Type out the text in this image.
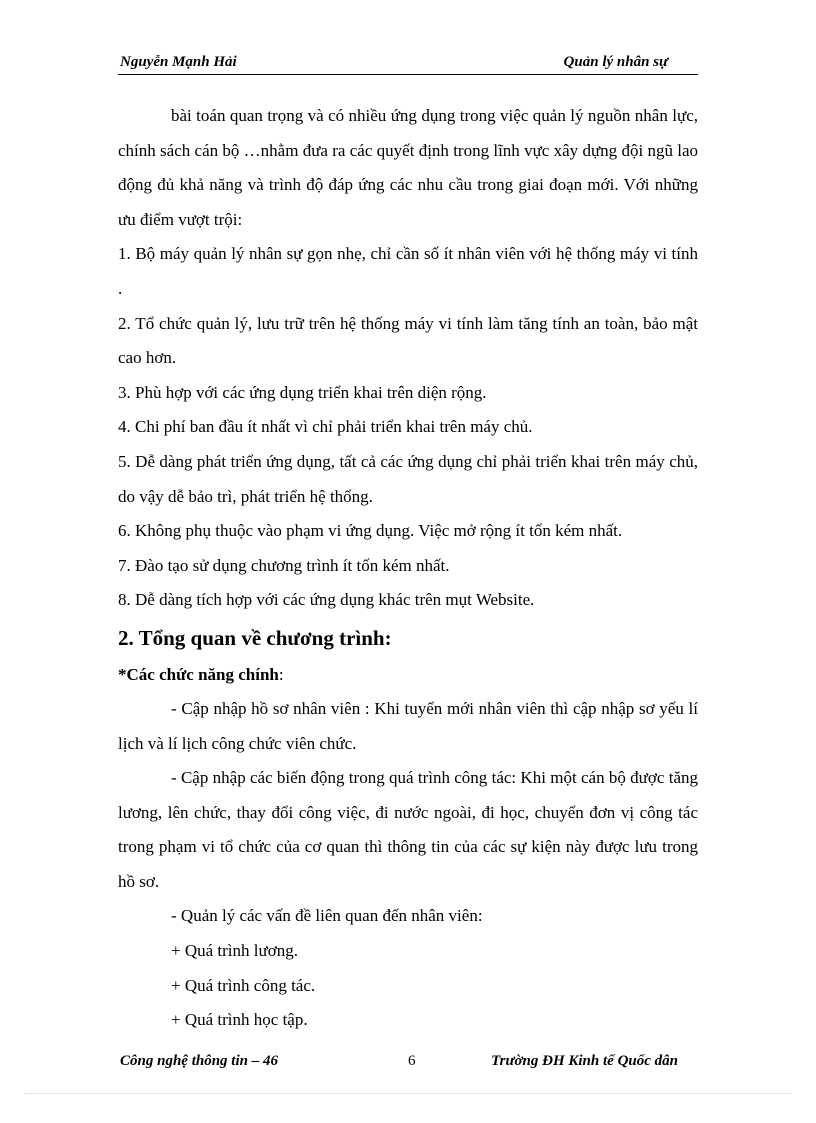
Nguyễn Mạnh Hải	Quản lý nhân sự

bài toán quan trọng và có nhiều ứng dụng trong việc quản lý nguồn nhân lực, chính sách cán bộ …nhằm đưa ra các quyết định trong lĩnh vực xây dựng đội ngũ lao động đủ khả năng và trình độ đáp ứng các nhu cầu trong giai đoạn mới. Với những ưu điểm vượt trội:

1. Bộ máy quản lý nhân sự gọn nhẹ, chỉ cần số ít nhân viên với hệ thống máy vi tính .

2. Tổ chức quản lý, lưu trữ trên hệ thống máy vi tính làm tăng tính an toàn, bảo mật cao hơn.

3. Phù hợp với các ứng dụng triển khai trên diện rộng.

4. Chi phí ban đầu ít nhất vì chỉ phải triển khai trên máy chủ.

5. Dễ dàng phát triển ứng dụng, tất cả các ứng dụng chỉ phải triển khai trên máy chủ, do vậy dễ bảo trì, phát triển hệ thống.

6. Không phụ thuộc vào phạm vi ứng dụng. Việc mở rộng ít tốn kém nhất.

7. Đào tạo sử dụng chương trình ít tốn kém nhất.

8. Dễ dàng tích hợp với các ứng dụng khác trên mụt Website.

2. Tổng quan về chương trình:

*Các chức năng chính:

- Cập nhập hồ sơ nhân viên : Khi tuyển mới nhân viên thì cập nhập sơ yếu lí lịch và lí lịch công chức viên chức.

- Cập nhập các biến động trong quá trình công tác: Khi một cán bộ được tăng lương, lên chức, thay đổi công việc, đi nước ngoài, đi học, chuyển đơn vị công tác trong phạm vi tổ chức của cơ quan thì thông tin của các sự kiện này được lưu trong hồ sơ.

- Quản lý các vấn đề liên quan đến nhân viên:

+ Quá trình lương.

+ Quá trình công tác.

+ Quá trình học tập.

Công nghệ thông tin – 46	6	Trường ĐH Kinh tế Quốc dân
